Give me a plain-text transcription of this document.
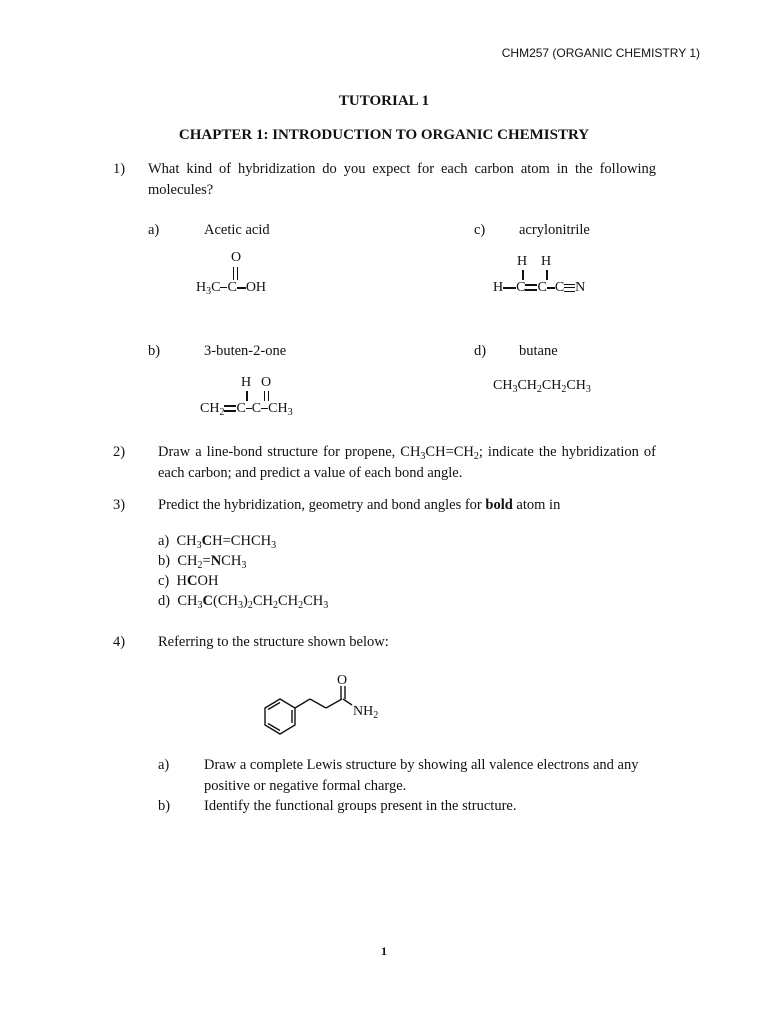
CHM257 (ORGANIC CHEMISTRY 1)
TUTORIAL 1
CHAPTER 1: INTRODUCTION TO ORGANIC CHEMISTRY
1) What kind of hybridization do you expect for each carbon atom in the following molecules?
a)	Acetic acid	c) acrylonitrile
O
$H_3C$ C OH
H H
H C C C N
b)	3-buten-2-one	d) butane
H O
$CH_2$ C C $CH_3$
$CH_3CH_2CH_2CH_3$
2) Draw a line-bond structure for propene, $CH_3CH=CH_2$; indicate the hybridization of each carbon; and predict a value of each bond angle.
3) Predict the hybridization, geometry and bond angles for bold atom in
a)  $CH_3CH=CHCH_3$
b)  $CH_2=NCH_3$
c)  HCOH
d)  $CH_3C(CH_3)_2CH_2CH_2CH_3$
4) Referring to the structure shown below:
O
$NH_2$
a) Draw a complete Lewis structure by showing all valence electrons and any positive or negative formal charge.
b) Identify the functional groups present in the structure.
1
